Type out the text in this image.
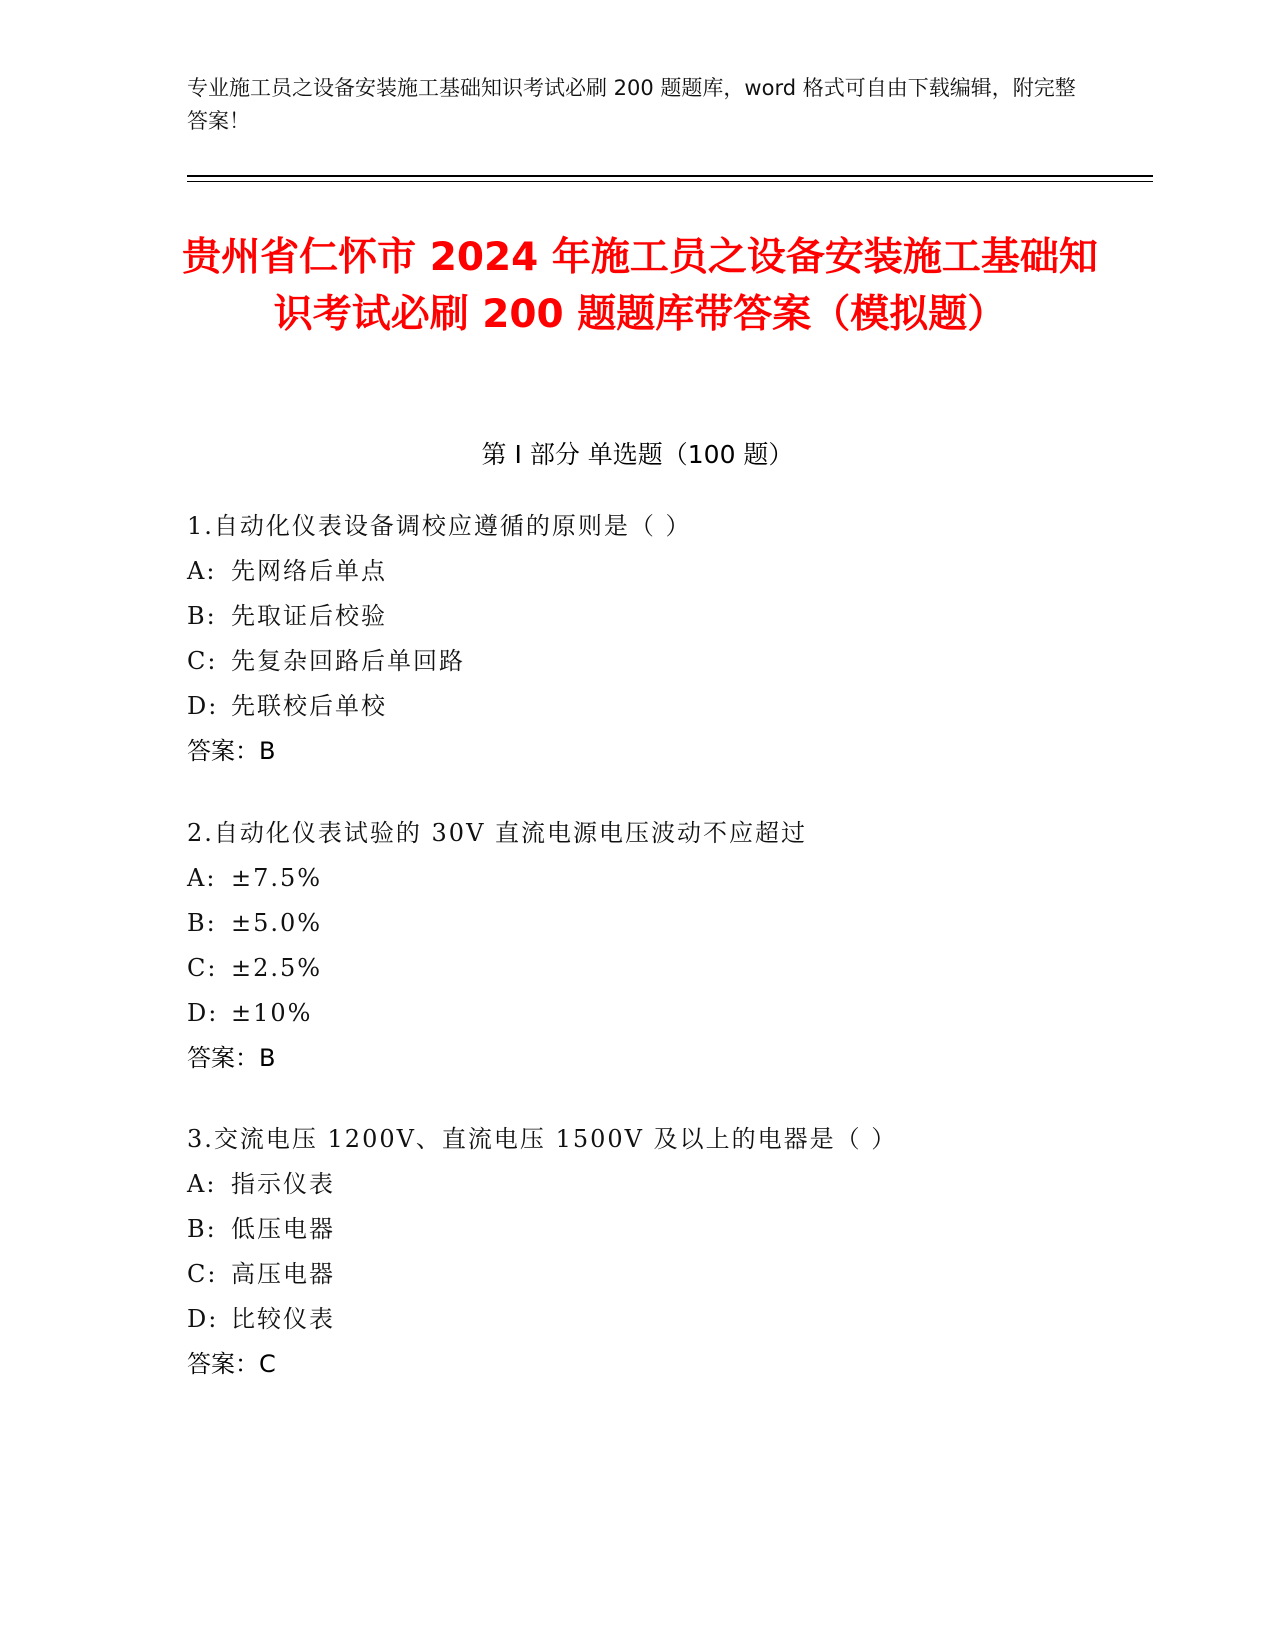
专业施工员之设备安装施工基础知识考试必刷 200 题题库，word 格式可自由下载编辑，附完整答案！
贵州省仁怀市 2024 年施工员之设备安装施工基础知识考试必刷 200 题题库带答案（模拟题）
第 I 部分 单选题（100 题）
1.自动化仪表设备调校应遵循的原则是（ ）
A: 先网络后单点
B: 先取证后校验
C: 先复杂回路后单回路
D: 先联校后单校
答案：B
2.自动化仪表试验的 30V 直流电源电压波动不应超过
A: ±7.5%
B: ±5.0%
C: ±2.5%
D: ±10%
答案：B
3.交流电压 1200V、直流电压 1500V 及以上的电器是（ ）
A: 指示仪表
B: 低压电器
C: 高压电器
D: 比较仪表
答案：C
